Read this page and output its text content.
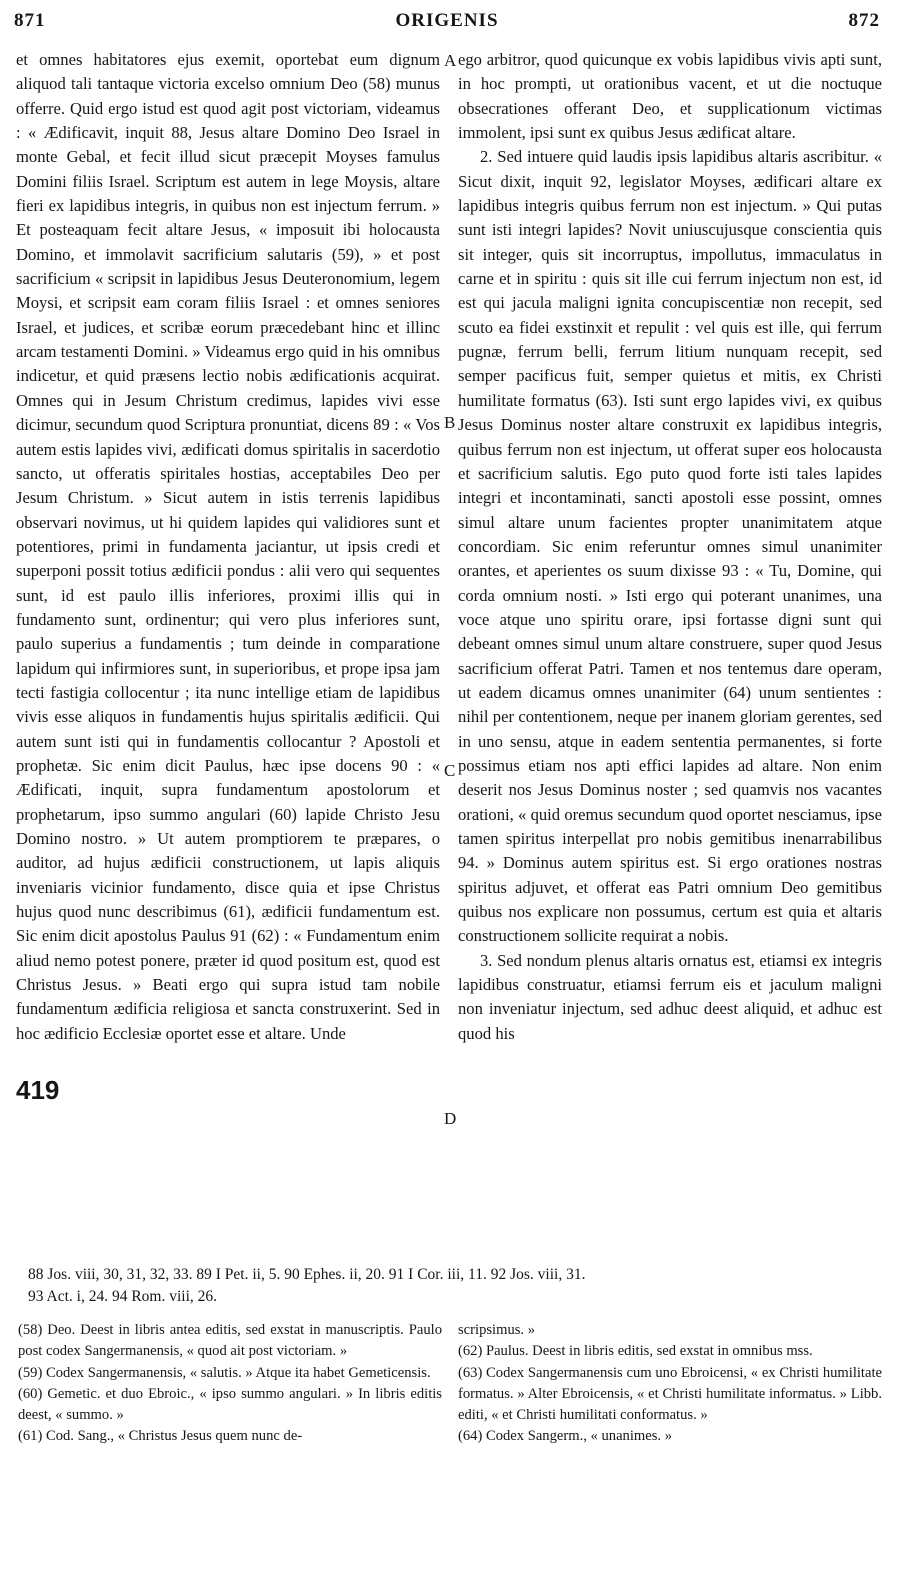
871	ORIGENIS	872

et omnes habitatores ejus exemit, oportebat eum dignum aliquod tali tantaque victoria excelso omnium Deo (58) munus offerre. Quid ergo istud est quod agit post victoriam, videamus : « Ædificavit, inquit 88, Jesus altare Domino Deo Israel in monte Gebal, et fecit illud sicut præcepit Moyses famulus Domini filiis Israel. Scriptum est autem in lege Moysis, altare fieri ex lapidibus integris, in quibus non est injectum ferrum. » Et posteaquam fecit altare Jesus, « imposuit ibi holocausta Domino, et immolavit sacrificium salutaris (59), » et post sacrificium « scripsit in lapidibus Jesus Deuteronomium, legem Moysi, et scripsit eam coram filiis Israel : et omnes seniores Israel, et judices, et scribæ eorum præcedebant hinc et illinc arcam testamenti Domini. » Videamus ergo quid in his omnibus indicetur, et quid præsens lectio nobis ædificationis acquirat. Omnes qui in Jesum Christum credimus, lapides vivi esse dicimur, secundum quod Scriptura pronuntiat, dicens 89 : « Vos autem estis lapides vivi, ædificati domus spiritalis in sacerdotio sancto, ut offeratis spiritales hostias, acceptabiles Deo per Jesum Christum. » Sicut autem in istis terrenis lapidibus observari novimus, ut hi quidem lapides qui validiores sunt et potentiores, primi in fundamenta jaciantur, ut ipsis credi et superponi possit totius ædificii pondus : alii vero qui sequentes sunt, id est paulo illis inferiores, proximi illis qui in fundamento sunt, ordinentur; qui vero plus inferiores sunt, paulo superius a fundamentis ; tum deinde in comparatione lapidum qui infirmiores sunt, in superioribus, et prope ipsa jam tecti fastigia collocentur ; ita nunc intellige etiam de lapidibus vivis esse aliquos in fundamentis hujus spiritalis ædificii. Qui autem sunt isti qui in fundamentis collocantur ? Apostoli et prophetæ. Sic enim dicit Paulus, hæc ipse docens 90 : « Ædificati, inquit, supra fundamentum apostolorum et prophetarum, ipso summo angulari (60) lapide Christo Jesu Domino nostro. » Ut autem promptiorem te præpares, o auditor, ad hujus ædificii constructionem, ut lapis aliquis inveniaris vicinior fundamento, disce quia et ipse Christus hujus quod nunc describimus (61), ædificii fundamentum est. Sic enim dicit apostolus Paulus 91 (62) : « Fundamentum enim aliud nemo potest ponere, præter id quod positum est, quod est Christus Jesus. » Beati ergo qui supra istud tam nobile fundamentum ædificia religiosa et sancta construxerint. Sed in hoc ædificio Ecclesiæ oportet esse et altare. Unde

ego arbitror, quod quicunque ex vobis lapidibus vivis apti sunt, in hoc prompti, ut orationibus vacent, et ut die noctuque obsecrationes offerant Deo, et supplicationum victimas immolent, ipsi sunt ex quibus Jesus ædificat altare.

2. Sed intuere quid laudis ipsis lapidibus altaris ascribitur. « Sicut dixit, inquit 92, legislator Moyses, ædificari altare ex lapidibus integris quibus ferrum non est injectum. » Qui putas sunt isti integri lapides? Novit uniuscujusque conscientia quis sit integer, quis sit incorruptus, impollutus, immaculatus in carne et in spiritu : quis sit ille cui ferrum injectum non est, id est qui jacula maligni ignita concupiscentiæ non recepit, sed scuto ea fidei exstinxit et repulit : vel quis est ille, qui ferrum pugnæ, ferrum belli, ferrum litium nunquam recepit, sed semper pacificus fuit, semper quietus et mitis, ex Christi humilitate formatus (63). Isti sunt ergo lapides vivi, ex quibus Jesus Dominus noster altare construxit ex lapidibus integris, quibus ferrum non est injectum, ut offerat super eos holocausta et sacrificium salutis. Ego puto quod forte isti tales lapides integri et incontaminati, sancti apostoli esse possint, omnes simul altare unum facientes propter unanimitatem atque concordiam. Sic enim referuntur omnes simul unanimiter orantes, et aperientes os suum dixisse 93 : « Tu, Domine, qui corda omnium nosti. » Isti ergo qui poterant unanimes, una voce atque uno spiritu orare, ipsi fortasse digni sunt qui debeant omnes simul unum altare construere, super quod Jesus sacrificium offerat Patri. Tamen et nos tentemus dare operam, ut eadem dicamus omnes unanimiter (64) unum sentientes : nihil per contentionem, neque per inanem gloriam gerentes, sed in uno sensu, atque in eadem sententia permanentes, si forte possimus etiam nos apti effici lapides ad altare. Non enim deserit nos Jesus Dominus noster ; sed quamvis nos vacantes orationi, « quid oremus secundum quod oportet nesciamus, ipse tamen spiritus interpellat pro nobis gemitibus inenarrabilibus 94. » Dominus autem spiritus est. Si ergo orationes nostras spiritus adjuvet, et offerat eas Patri omnium Deo gemitibus quibus nos explicare non possumus, certum est quia et altaris constructionem sollicite requirat a nobis.

3. Sed nondum plenus altaris ornatus est, etiamsi ex integris lapidibus construatur, etiamsi ferrum eis et jaculum maligni non inveniatur injectum, sed adhuc deest aliquid, et adhuc est quod his

A
B
C
D
419
88 Jos. viii, 30, 31, 32, 33. 89 I Pet. ii, 5. 90 Ephes. ii, 20. 91 I Cor. iii, 11. 92 Jos. viii, 31.
93 Act. i, 24. 94 Rom. viii, 26.

(58) Deo. Deest in libris antea editis, sed exstat in manuscriptis. Paulo post codex Sangermanensis, « quod ait post victoriam. »

(59) Codex Sangermanensis, « salutis. » Atque ita habet Gemeticensis.

(60) Gemetic. et duo Ebroic., « ipso summo angulari. » In libris editis deest, « summo. »

(61) Cod. Sang., « Christus Jesus quem nunc de-

scripsimus. »

(62) Paulus. Deest in libris editis, sed exstat in omnibus mss.

(63) Codex Sangermanensis cum uno Ebroicensi, « ex Christi humilitate formatus. » Alter Ebroicensis, « et Christi humilitate informatus. » Libb. editi, « et Christi humilitati conformatus. »

(64) Codex Sangerm., « unanimes. »
